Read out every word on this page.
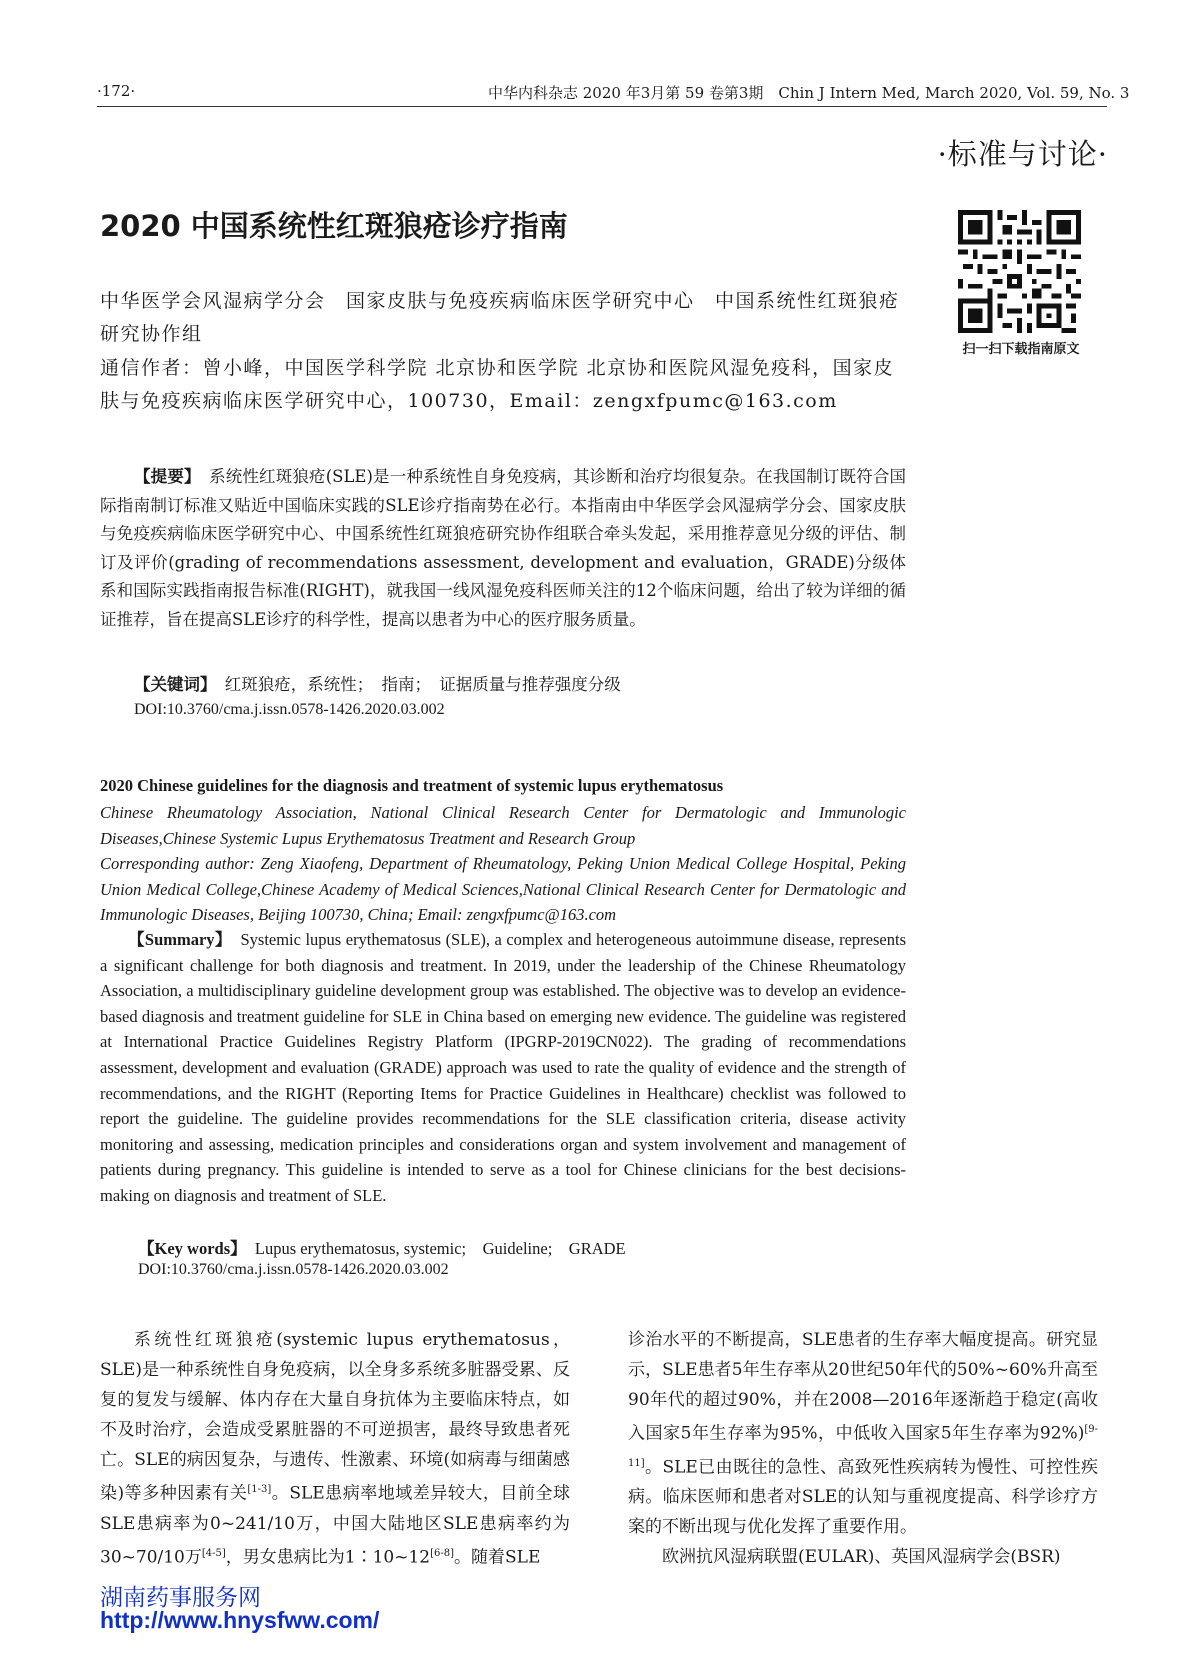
·172·	中华内科杂志 2020 年3月第 59 卷第3期　Chin J Intern Med, March 2020, Vol. 59, No. 3
·标准与讨论·
2020 中国系统性红斑狼疮诊疗指南
扫一扫下载指南原文
中华医学会风湿病学分会　国家皮肤与免疫疾病临床医学研究中心　中国系统性红斑狼疮研究协作组
通信作者：曾小峰，中国医学科学院 北京协和医学院 北京协和医院风湿免疫科，国家皮肤与免疫疾病临床医学研究中心，100730，Email：zengxfpumc@163.com
【提要】　 系统性红斑狼疮(SLE)是一种系统性自身免疫病，其诊断和治疗均很复杂。在我国制订既符合国际指南制订标准又贴近中国临床实践的SLE诊疗指南势在必行。本指南由中华医学会风湿病学分会、国家皮肤与免疫疾病临床医学研究中心、中国系统性红斑狼疮研究协作组联合牵头发起，采用推荐意见分级的评估、制订及评价(grading of recommendations assessment, development and evaluation，GRADE)分级体系和国际实践指南报告标准(RIGHT)，就我国一线风湿免疫科医师关注的12个临床问题，给出了较为详细的循证推荐，旨在提高SLE诊疗的科学性，提高以患者为中心的医疗服务质量。
【关键词】　 红斑狼疮，系统性；　指南；　证据质量与推荐强度分级
DOI:10.3760/cma.j.issn.0578-1426.2020.03.002
2020 Chinese guidelines for the diagnosis and treatment of systemic lupus erythematosus
Chinese Rheumatology Association, National Clinical Research Center for Dermatologic and Immunologic Diseases,Chinese Systemic Lupus Erythematosus Treatment and Research Group
Corresponding author: Zeng Xiaofeng, Department of Rheumatology, Peking Union Medical College Hospital, Peking Union Medical College,Chinese Academy of Medical Sciences,National Clinical Research Center for Dermatologic and Immunologic Diseases, Beijing 100730, China; Email: zengxfpumc@163.com
【Summary】　 Systemic lupus erythematosus (SLE), a complex and heterogeneous autoimmune disease, represents a significant challenge for both diagnosis and treatment. In 2019, under the leadership of the Chinese Rheumatology Association, a multidisciplinary guideline development group was established. The objective was to develop an evidence-based diagnosis and treatment guideline for SLE in China based on emerging new evidence. The guideline was registered at International Practice Guidelines Registry Platform (IPGRP-2019CN022). The grading of recommendations assessment, development and evaluation (GRADE) approach was used to rate the quality of evidence and the strength of recommendations, and the RIGHT (Reporting Items for Practice Guidelines in Healthcare) checklist was followed to report the guideline. The guideline provides recommendations for the SLE classification criteria, disease activity monitoring and assessing, medication principles and considerations organ and system involvement and management of patients during pregnancy. This guideline is intended to serve as a tool for Chinese clinicians for the best decisions-making on diagnosis and treatment of SLE.
【Key words】　 Lupus erythematosus, systemic;　Guideline;　GRADE
DOI:10.3760/cma.j.issn.0578-1426.2020.03.002
系统性红斑狼疮(systemic lupus erythematosus，SLE)是一种系统性自身免疫病，以全身多系统多脏器受累、反复的复发与缓解、体内存在大量自身抗体为主要临床特点，如不及时治疗，会造成受累脏器的不可逆损害，最终导致患者死亡。SLE的病因复杂，与遗传、性激素、环境(如病毒与细菌感染)等多种因素有关[1-3]。SLE患病率地域差异较大，目前全球SLE患病率为0~241/10万，中国大陆地区SLE患病率约为30~70/10万[4-5]，男女患病比为1∶10~12[6-8]。随着SLE

诊治水平的不断提高，SLE患者的生存率大幅度提高。研究显示，SLE患者5年生存率从20世纪50年代的50%~60%升高至90年代的超过90%，并在2008—2016年逐渐趋于稳定(高收入国家5年生存率为95%，中低收入国家5年生存率为92%)[9-11]。SLE已由既往的急性、高致死性疾病转为慢性、可控性疾病。临床医师和患者对SLE的认知与重视度提高、科学诊疗方案的不断出现与优化发挥了重要作用。

欧洲抗风湿病联盟(EULAR)、英国风湿病学会(BSR)

湖南药事服务网
http://www.hnysfww.com/
